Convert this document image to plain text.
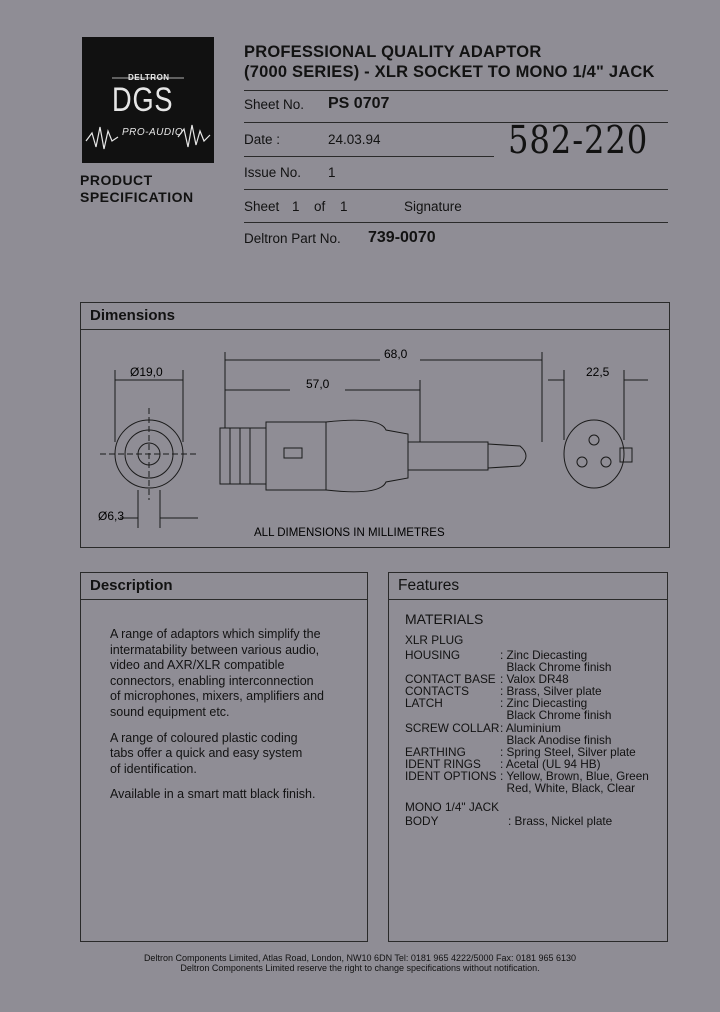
DELTRON
DGS
PRO-AUDIO
PRODUCT
SPECIFICATION
PROFESSIONAL QUALITY ADAPTOR
(7000 SERIES) - XLR SOCKET TO MONO 1/4" JACK
Sheet No. PS 0707
Date :	24.03.94	582-220
Issue No. 1
Sheet 1 of 1	Signature
Deltron Part No. 739-0070
Dimensions
Ø19,0
Ø6,3
68,0
57,0
22,5
ALL DIMENSIONS IN MILLIMETRES
Description

A range of adaptors which simplify the
intermatability between various audio,
video and AXR/XLR compatible
connectors, enabling interconnection
of microphones, mixers, amplifiers and
sound equipment etc.

A range of coloured plastic coding
tabs offer a quick and easy system
of identification.

Available in a smart matt black finish.

Features
MATERIALS
XLR PLUG
HOUSING	: Zinc Diecasting
Black Chrome finish
CONTACT BASE : Valox DR48
CONTACTS	: Brass, Silver plate
LATCH	: Zinc Diecasting
Black Chrome finish
SCREW COLLAR : Aluminium
Black Anodise finish
EARTHING	: Spring Steel, Silver plate
IDENT RINGS : Acetal (UL 94 HB)
IDENT OPTIONS : Yellow, Brown, Blue, Green
Red, White, Black, Clear
MONO 1/4" JACK
BODY	: Brass, Nickel plate
Deltron Components Limited, Atlas Road, London, NW10 6DN Tel: 0181 965 4222/5000 Fax: 0181 965 6130
Deltron Components Limited reserve the right to change specifications without notification.
